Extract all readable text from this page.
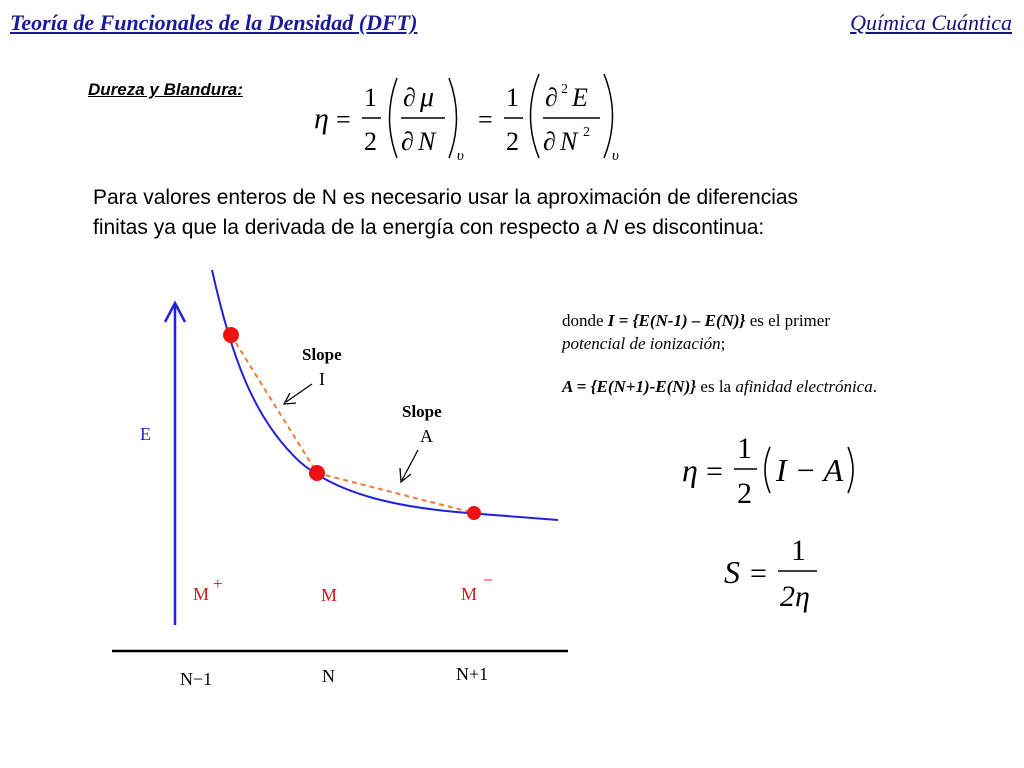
Teoría de Funcionales de la Densidad (DFT)	Química Cuántica
Dureza y Blandura:
Para valores enteros de N es necesario usar la aproximación de diferencias
finitas ya que la derivada de la energía con respecto a N es discontinua:
donde I = {E(N-1) – E(N)} es el primer
potencial de ionización;
A = {E(N+1)-E(N)} es la afinidad electrónica.
η =
1
2
∂ μ
∂ N υ
=
1
2
∂ 2 E
∂ N 2
υ
E
N−1	N	N+1
Slope
I
Slope
A
M
+
M	M
−
η =
1
2
I − A
S =
1
2η
